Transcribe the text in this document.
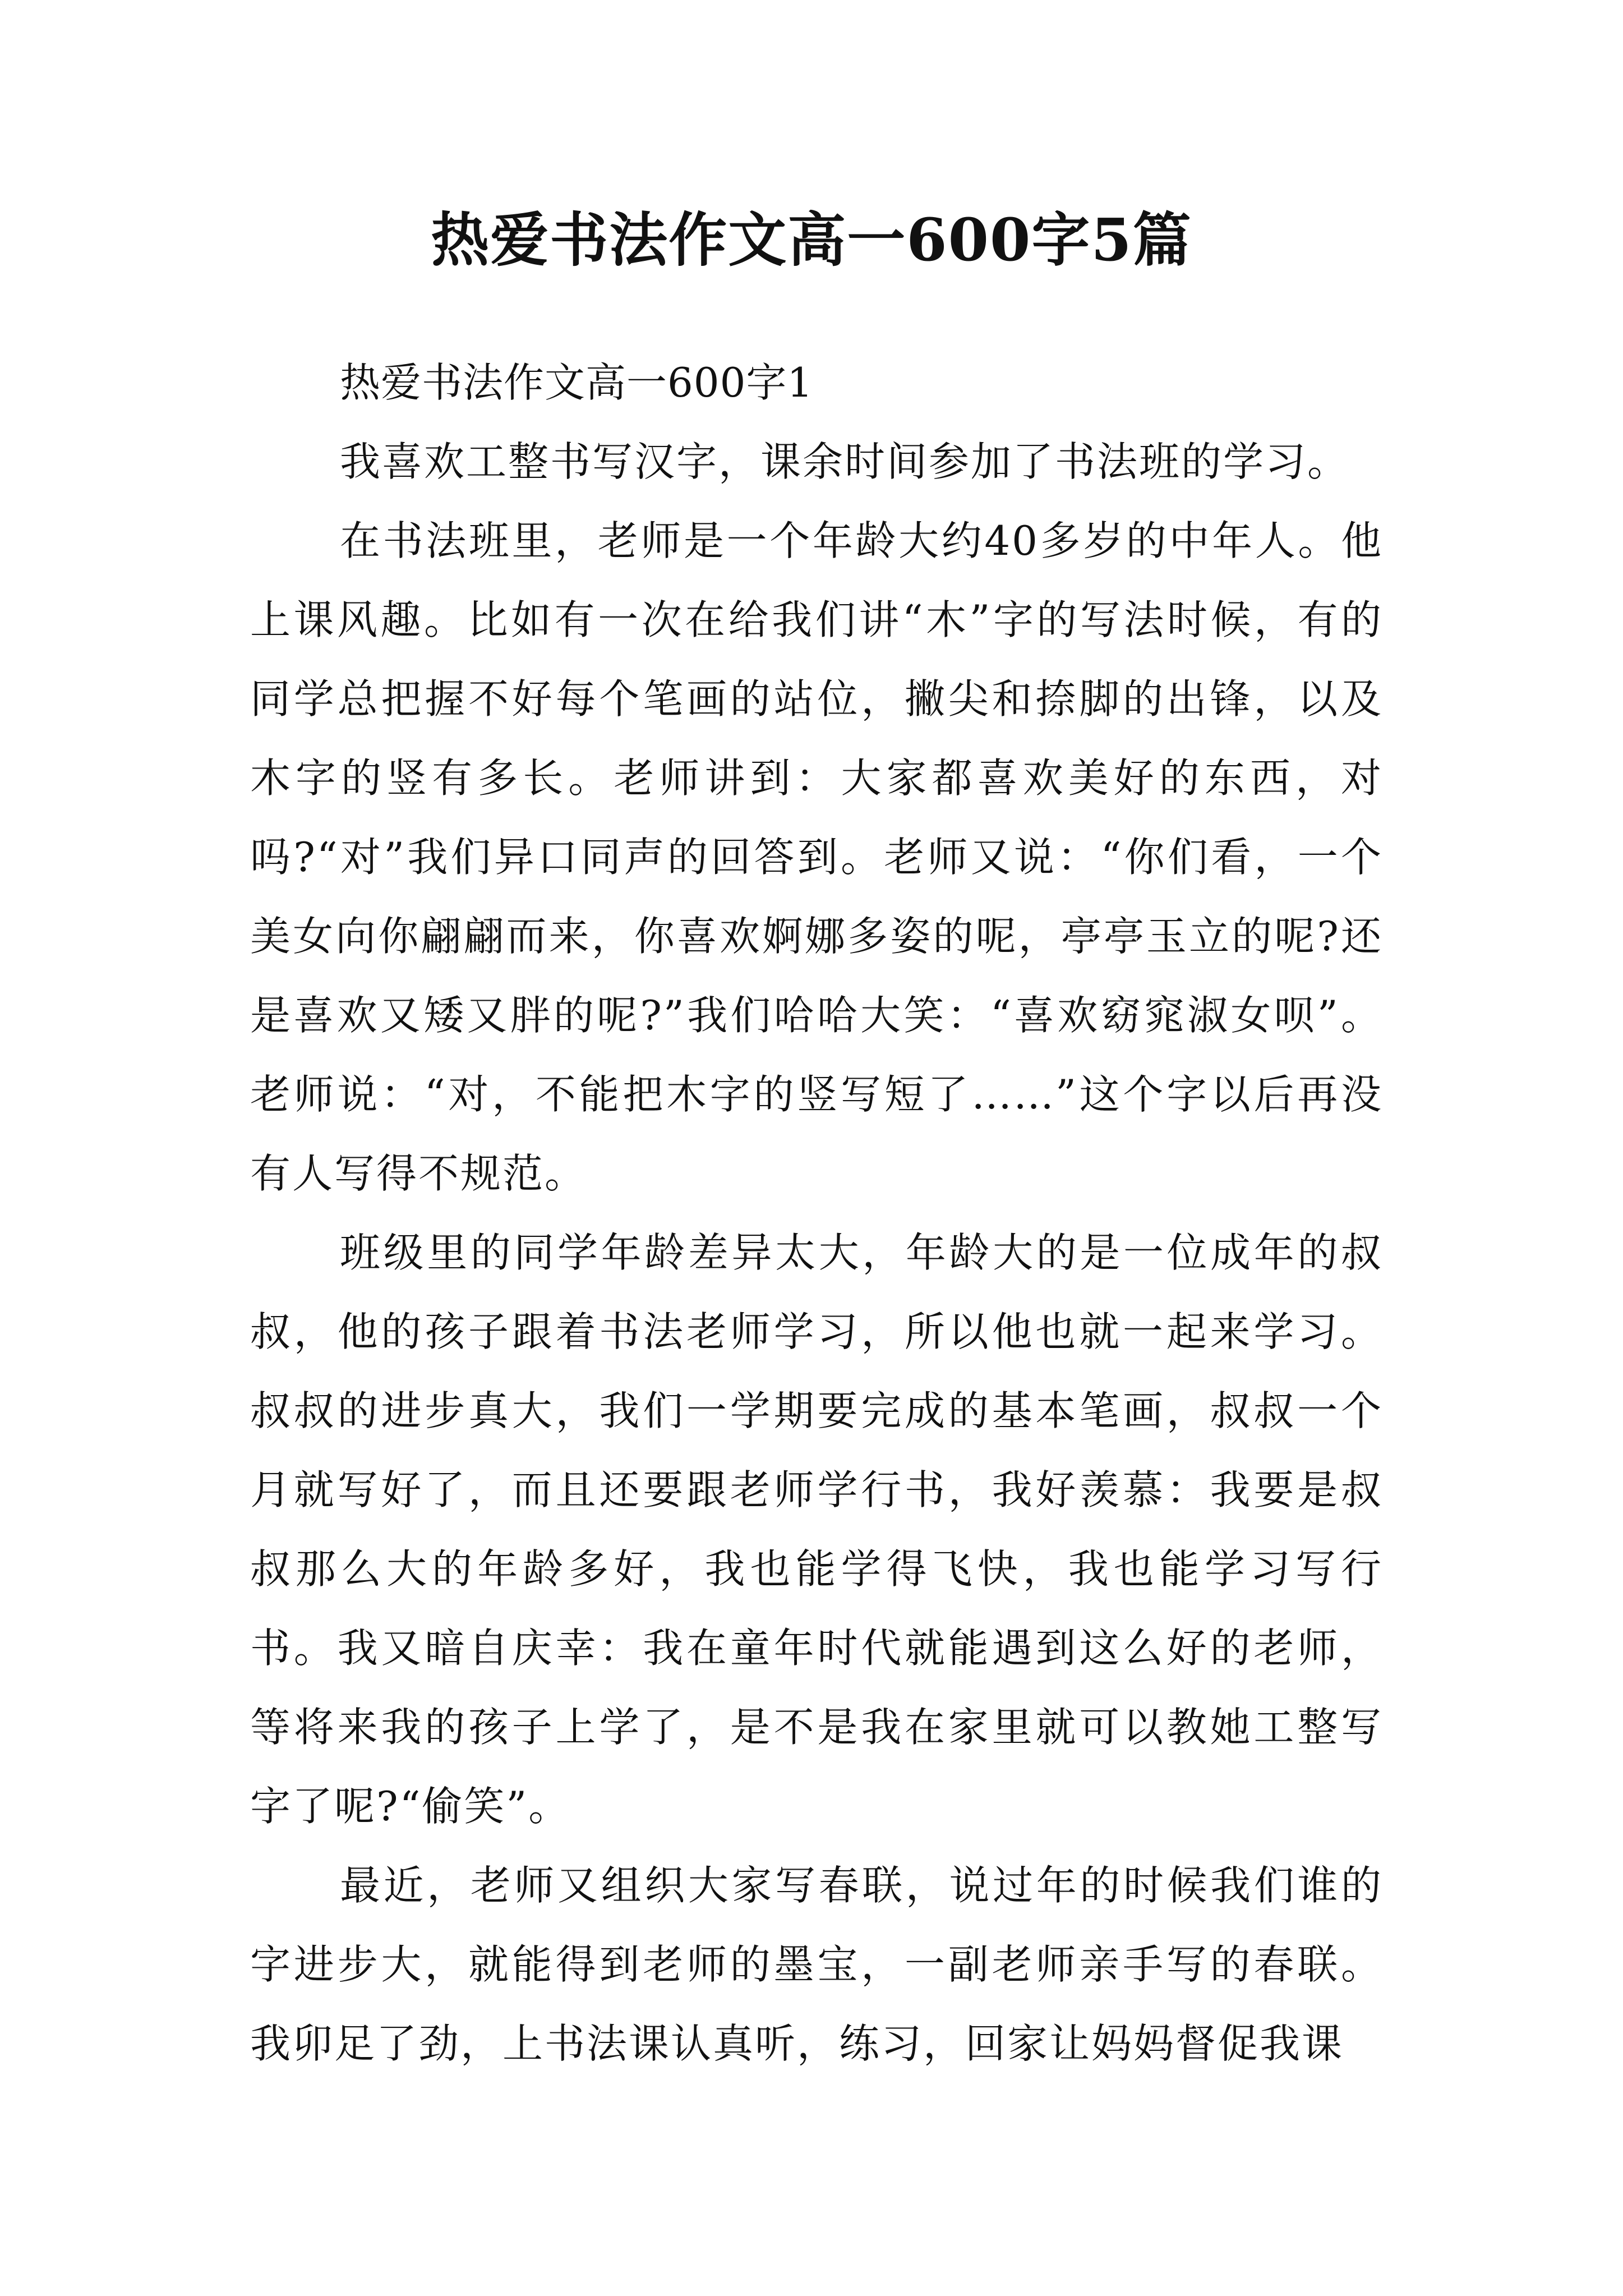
热爱书法作文高一600字5篇

热爱书法作文高一600字1

我喜欢工整书写汉字，课余时间参加了书法班的学习。

在书法班里，老师是一个年龄大约40多岁的中年人。他上课风趣。比如有一次在给我们讲“木”字的写法时候，有的同学总把握不好每个笔画的站位，撇尖和捺脚的出锋，以及木字的竖有多长。老师讲到：大家都喜欢美好的东西，对吗?“对”我们异口同声的回答到。老师又说：“你们看，一个美女向你翩翩而来，你喜欢婀娜多姿的呢，亭亭玉立的呢?还是喜欢又矮又胖的呢?”我们哈哈大笑：“喜欢窈窕淑女呗”。老师说：“对，不能把木字的竖写短了……”这个字以后再没有人写得不规范。

班级里的同学年龄差异太大，年龄大的是一位成年的叔叔，他的孩子跟着书法老师学习，所以他也就一起来学习。叔叔的进步真大，我们一学期要完成的基本笔画，叔叔一个月就写好了，而且还要跟老师学行书，我好羡慕：我要是叔叔那么大的年龄多好，我也能学得飞快，我也能学习写行书。我又暗自庆幸：我在童年时代就能遇到这么好的老师，等将来我的孩子上学了，是不是我在家里就可以教她工整写字了呢?“偷笑”。

最近，老师又组织大家写春联，说过年的时候我们谁的字进步大，就能得到老师的墨宝，一副老师亲手写的春联。我卯足了劲，上书法课认真听，练习，回家让妈妈督促我课
